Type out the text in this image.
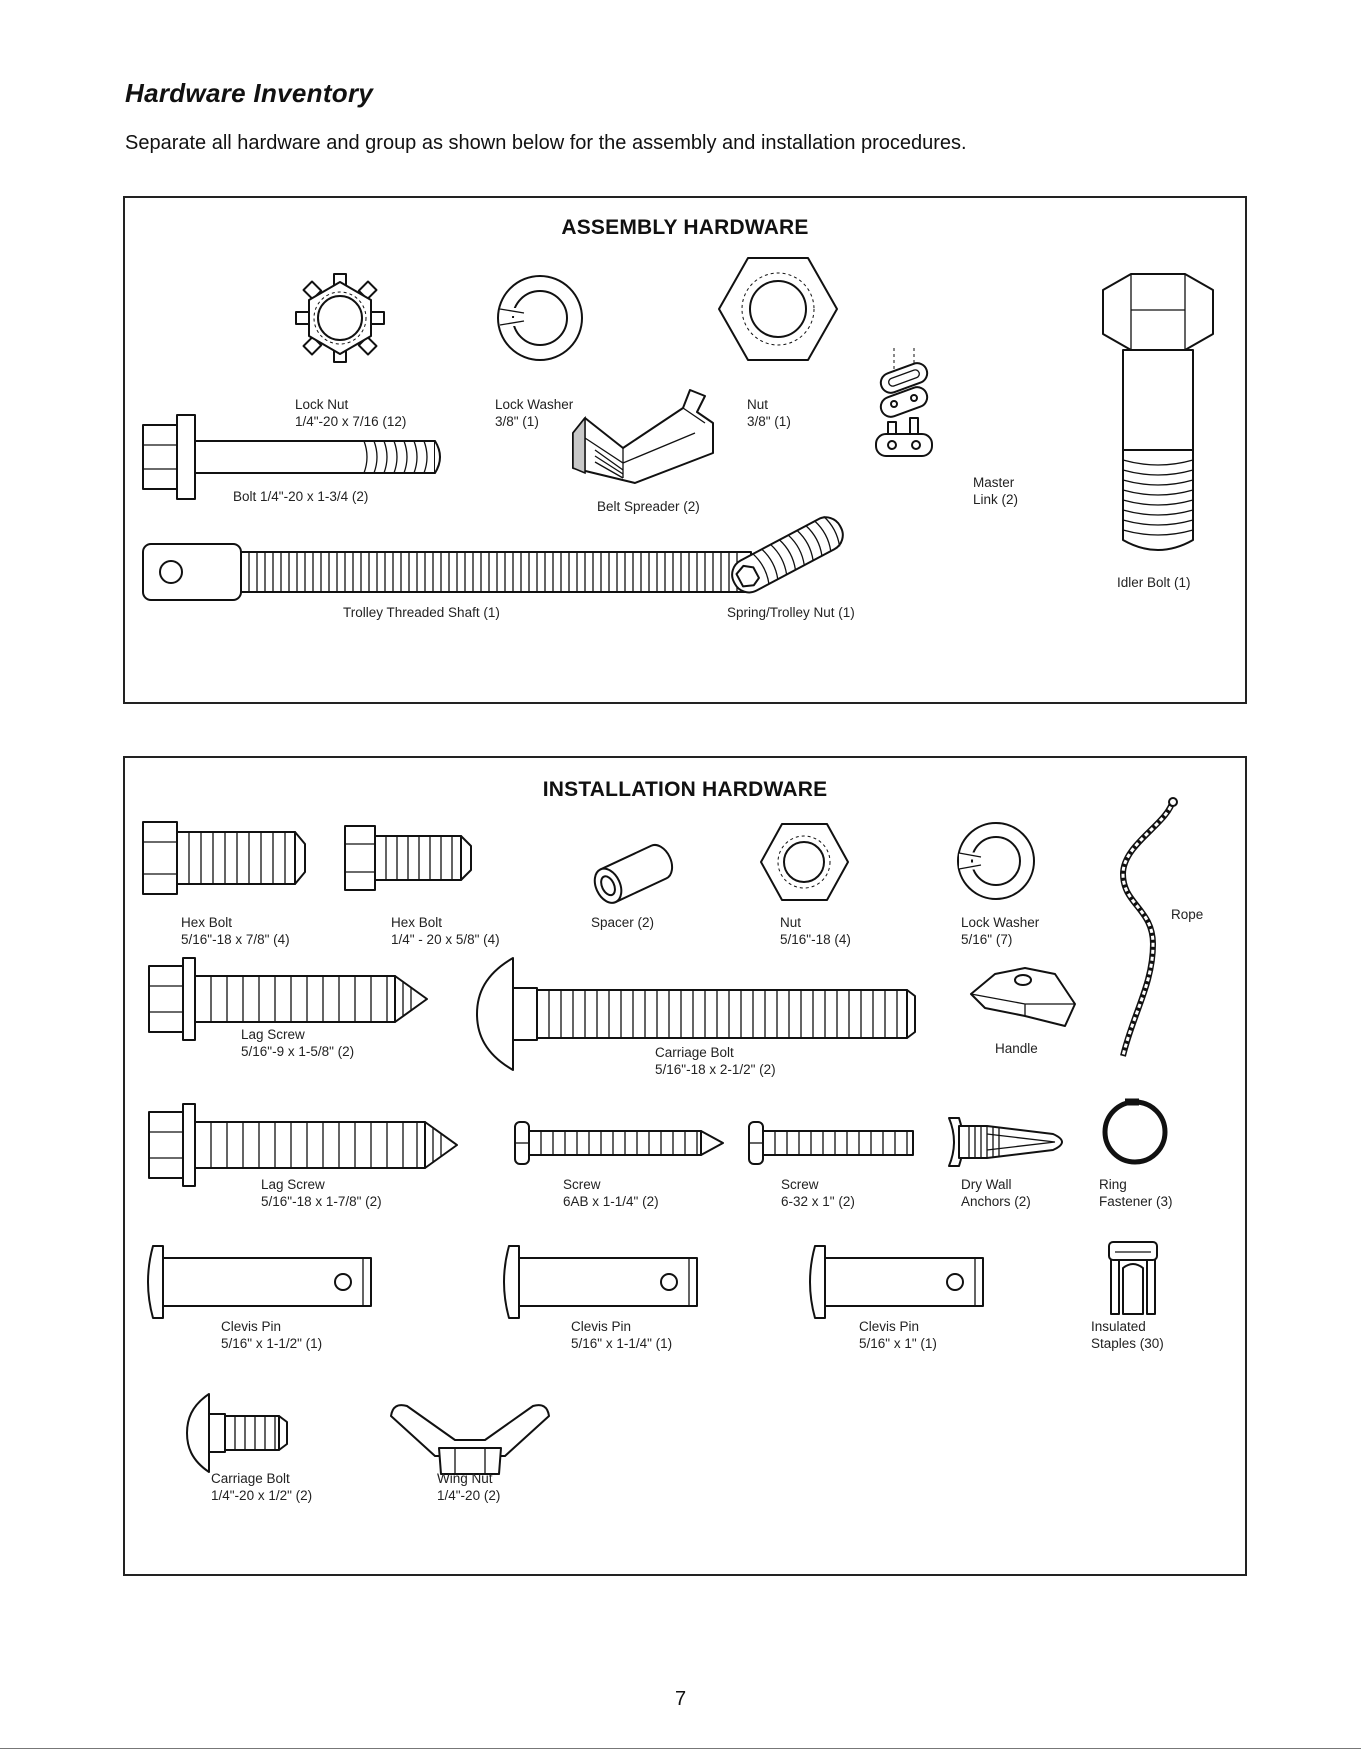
Hardware Inventory
Separate all hardware and group as shown below for the assembly and installation procedures.
ASSEMBLY HARDWARE
Lock Nut
1/4"-20 x 7/16 (12)
Lock Washer
3/8" (1)
Nut
3/8" (1)
Belt Spreader (2)
Master
Link (2)
Bolt 1/4"-20 x 1-3/4 (2)
Idler Bolt (1)
Trolley Threaded Shaft (1)	Spring/Trolley Nut (1)
INSTALLATION HARDWARE
Hex Bolt
5/16"-18 x 7/8" (4)
Hex Bolt
1/4" - 20 x 5/8" (4)
Spacer (2)	Nut
5/16"-18 (4)
Lock Washer
5/16" (7)
Rope
Lag Screw
5/16"-9 x 1-5/8" (2)	Carriage Bolt
5/16"-18 x 2-1/2" (2)
Handle
Lag Screw
5/16"-18 x 1-7/8" (2)
Screw
6AB x 1-1/4" (2)
Screw
6-32 x 1" (2)
Dry Wall
Anchors (2)
Ring
Fastener (3)
Clevis Pin
5/16" x 1-1/2" (1)
Clevis Pin
5/16" x 1-1/4" (1)
Clevis Pin
5/16" x 1" (1)
Insulated
Staples (30)
Carriage Bolt
1/4"-20 x 1/2" (2)
Wing Nut
1/4"-20 (2)
7
